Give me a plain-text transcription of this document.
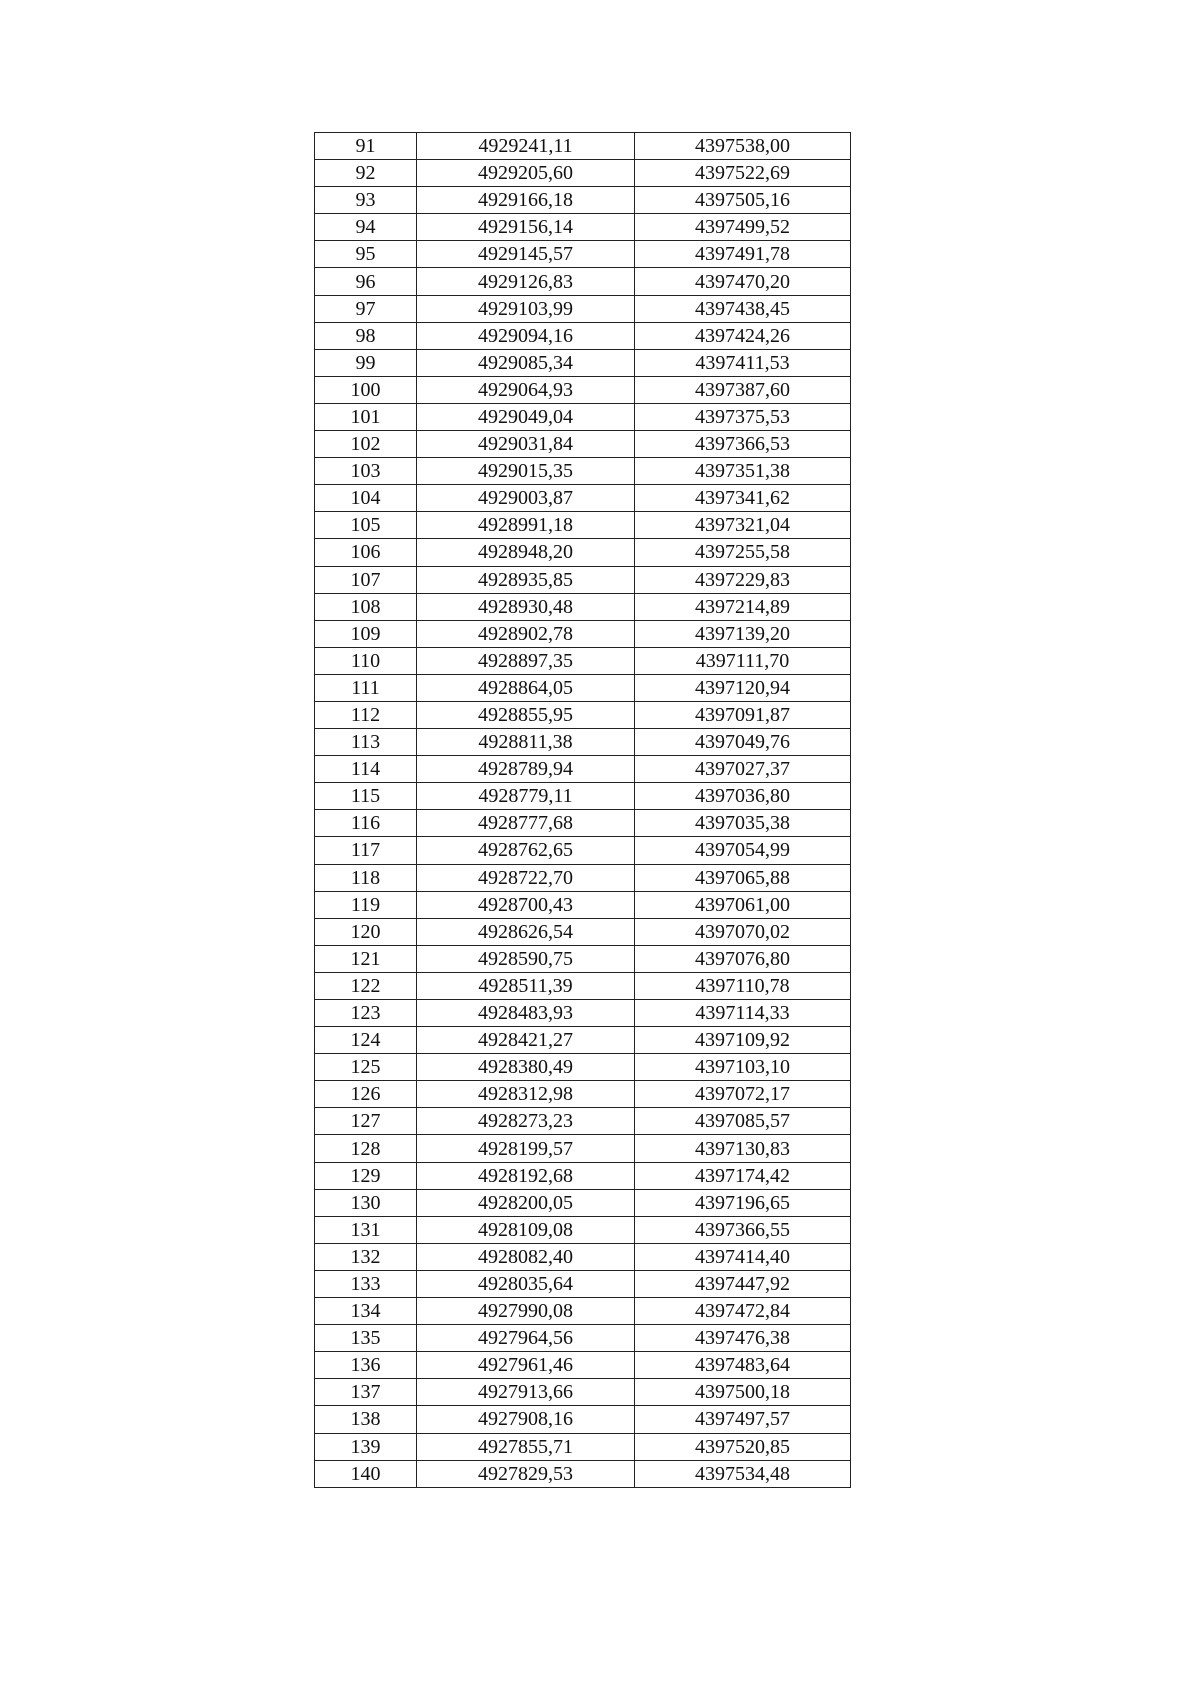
91	4929241,11	4397538,00
92	4929205,60	4397522,69
93	4929166,18	4397505,16
94	4929156,14	4397499,52
95	4929145,57	4397491,78
96	4929126,83	4397470,20
97	4929103,99	4397438,45
98	4929094,16	4397424,26
99	4929085,34	4397411,53
100	4929064,93	4397387,60
101	4929049,04	4397375,53
102	4929031,84	4397366,53
103	4929015,35	4397351,38
104	4929003,87	4397341,62
105	4928991,18	4397321,04
106	4928948,20	4397255,58
107	4928935,85	4397229,83
108	4928930,48	4397214,89
109	4928902,78	4397139,20
110	4928897,35	4397111,70
111	4928864,05	4397120,94
112	4928855,95	4397091,87
113	4928811,38	4397049,76
114	4928789,94	4397027,37
115	4928779,11	4397036,80
116	4928777,68	4397035,38
117	4928762,65	4397054,99
118	4928722,70	4397065,88
119	4928700,43	4397061,00
120	4928626,54	4397070,02
121	4928590,75	4397076,80
122	4928511,39	4397110,78
123	4928483,93	4397114,33
124	4928421,27	4397109,92
125	4928380,49	4397103,10
126	4928312,98	4397072,17
127	4928273,23	4397085,57
128	4928199,57	4397130,83
129	4928192,68	4397174,42
130	4928200,05	4397196,65
131	4928109,08	4397366,55
132	4928082,40	4397414,40
133	4928035,64	4397447,92
134	4927990,08	4397472,84
135	4927964,56	4397476,38
136	4927961,46	4397483,64
137	4927913,66	4397500,18
138	4927908,16	4397497,57
139	4927855,71	4397520,85
140	4927829,53	4397534,48
